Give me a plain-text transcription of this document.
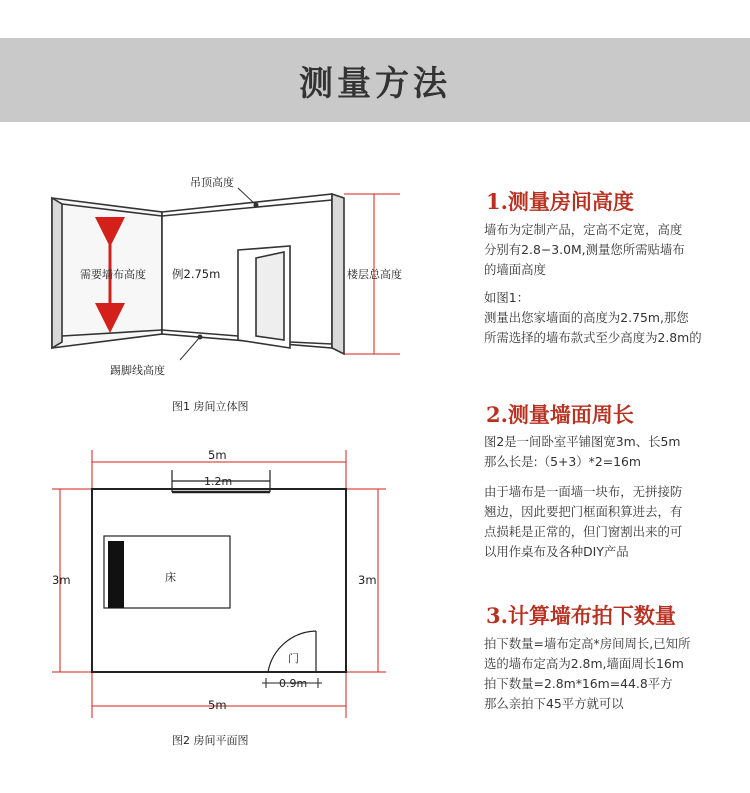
测量方法
吊顶高度
踢脚线高度
需要墙布高度 例2.75m	楼层总高度
图1 房间立体图
1.2m
5m
3m	3m
床
门
0.9m
5m
图2 房间平面图
1.测量房间高度

墙布为定制产品，定高不定宽，高度
分别有2.8−3.0M,测量您所需贴墙布
的墙面高度

如图1：
测量出您家墙面的高度为2.75m,那您
所需选择的墙布款式至少高度为2.8m的

2.测量墙面周长

图2是一间卧室平铺图宽3m、长5m
那么长是:（5+3）*2=16m

由于墙布是一面墙一块布，无拼接防
翘边，因此要把门框面积算进去，有
点损耗是正常的，但门窗割出来的可
以用作桌布及各种DIY产品

3.计算墙布拍下数量

拍下数量=墙布定高*房间周长,已知所
选的墙布定高为2.8m,墙面周长16m
拍下数量=2.8m*16m=44.8平方
那么亲拍下45平方就可以
